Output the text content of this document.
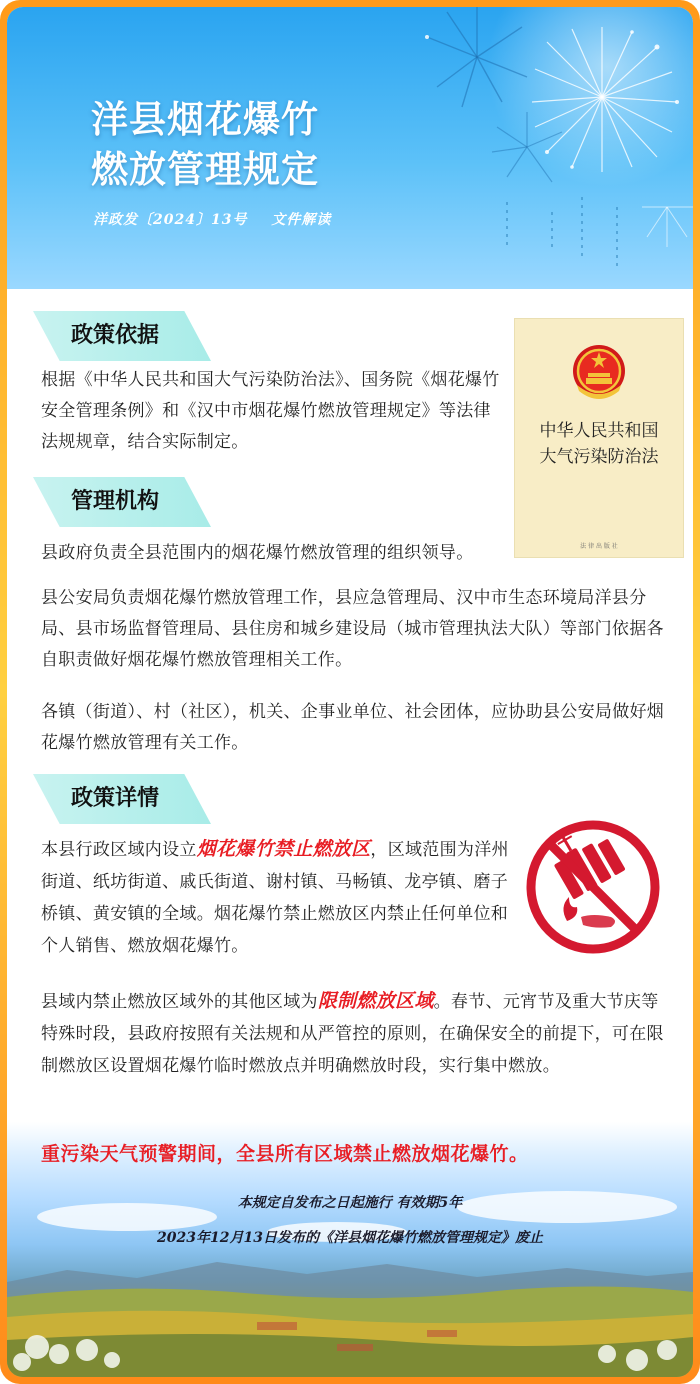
洋县烟花爆竹
燃放管理规定
洋政发〔2024〕13号 文件解读
政策依据
根据《中华人民共和国大气污染防治法》、国务院《烟花爆竹安全管理条例》和《汉中市烟花爆竹燃放管理规定》等法律法规规章，结合实际制定。
中华人民共和国
大气污染防治法
法 律 出 版 社
管理机构
县政府负责全县范围内的烟花爆竹燃放管理的组织领导。
县公安局负责烟花爆竹燃放管理工作，县应急管理局、汉中市生态环境局洋县分局、县市场监督管理局、县住房和城乡建设局（城市管理执法大队）等部门依据各自职责做好烟花爆竹燃放管理相关工作。
各镇（街道）、村（社区），机关、企事业单位、社会团体，应协助县公安局做好烟花爆竹燃放管理有关工作。
政策详情
本县行政区域内设立烟花爆竹禁止燃放区，区域范围为洋州街道、纸坊街道、戚氏街道、谢村镇、马畅镇、龙亭镇、磨子桥镇、黄安镇的全域。烟花爆竹禁止燃放区内禁止任何单位和个人销售、燃放烟花爆竹。
县域内禁止燃放区域外的其他区域为限制燃放区域。春节、元宵节及重大节庆等特殊时段，县政府按照有关法规和从严管控的原则，在确保安全的前提下，可在限制燃放区设置烟花爆竹临时燃放点并明确燃放时段，实行集中燃放。
重污染天气预警期间，全县所有区域禁止燃放烟花爆竹。
本规定自发布之日起施行 有效期5年
2023年12月13日发布的《洋县烟花爆竹燃放管理规定》废止
